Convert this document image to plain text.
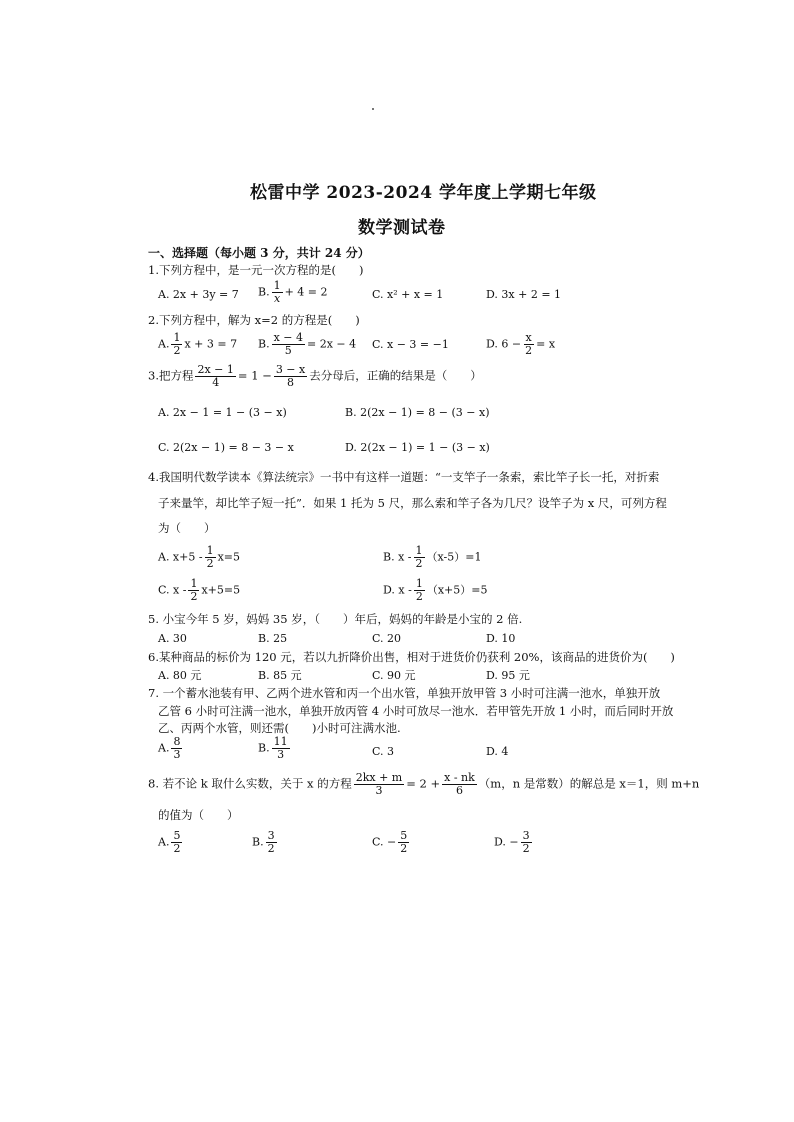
松雷中学 2023-2024 学年度上学期七年级
数学测试卷
一、选择题（每小题 3 分，共计 24 分）
1.下列方程中，是一元一次方程的是(　　)
A. 2x + 3y = 7 B. $\frac{1}{x} + 4 = 2$	C. x² + x = 1	D. 3x + 2 = 1
2.下列方程中，解为 x=2 的方程是(　　)
A. $\frac{1}{2}$ x + 3 = 7 B. $\frac{x - 4}{5} = 2x - 4$ C. x − 3 = −1	D. $6 - \frac{x}{2} = x$
3.把方程 $\frac{2x - 1}{4} = 1 - \frac{3 - x}{8}$ 去分母后，正确的结果是（　　）
A. 2x − 1 = 1 − (3 − x)	B. 2(2x − 1) = 8 − (3 − x)
C. 2(2x − 1) = 8 − 3 − x	D. 2(2x − 1) = 1 − (3 − x)
4.我国明代数学读本《算法统宗》一书中有这样一道题：“一支竿子一条索，索比竿子长一托，对折索
子来量竿，却比竿子短一托”．如果 1 托为 5 尺，那么索和竿子各为几尺？设竿子为 x 尺，可列方程
为（　　）
A. $x+5 - \frac{1}{2} x=5$	B. $x - \frac{1}{2} (x-5)=1$
C. $x - \frac{1}{2} x+5=5$	D. $x - \frac{1}{2} (x+5)=5$
5. 小宝今年 5 岁，妈妈 35 岁，（　　）年后，妈妈的年龄是小宝的 2 倍.
A. 30	B. 25	C. 20	D. 10
6.某种商品的标价为 120 元，若以九折降价出售，相对于进货价仍获利 20%，该商品的进货价为(　　)
A. 80 元	B. 85 元	C. 90 元	D. 95 元
7. 一个蓄水池装有甲、乙两个进水管和丙一个出水管，单独开放甲管 3 小时可注满一池水，单独开放
乙管 6 小时可注满一池水，单独开放丙管 4 小时可放尽一池水．若甲管先开放 1 小时，而后同时开放
乙、丙两个水管，则还需(　　)小时可注满水池.
A. $\frac{8}{3}$	B. $\frac{11}{3}$	C. 3	D. 4
8. 若不论 k 取什么实数，关于 x 的方程 $\frac{2kx + m}{3} = 2 + \frac{x - nk}{6} (m$，n 是常数）的解总是 x＝1，则 m+n
的值为（　　）
A. $\frac{5}{2}$	B. $\frac{3}{2}$	C. − $\frac{5}{2}$	D. − $\frac{3}{2}$
